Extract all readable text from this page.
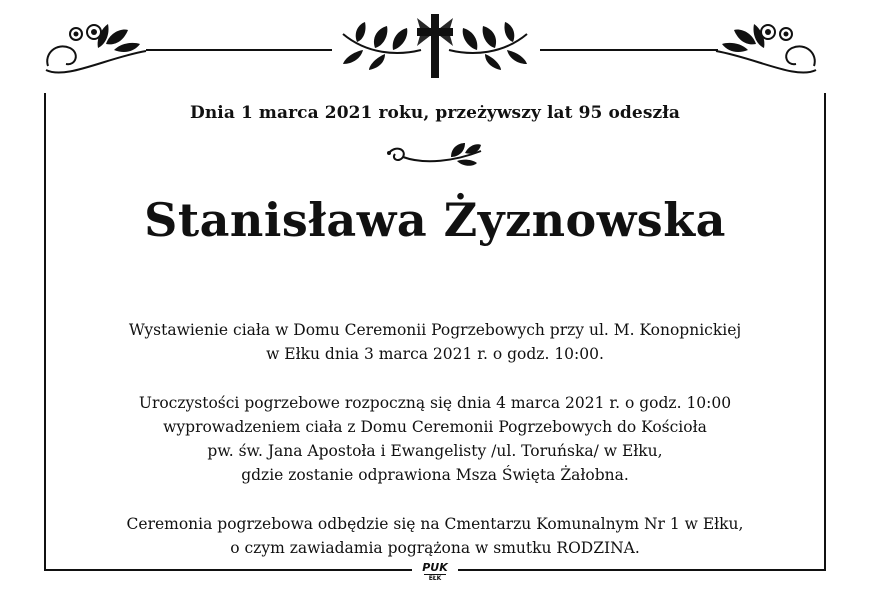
Dnia 1 marca 2021 roku, przeżywszy lat 95 odeszła
Stanisława Żyznowska
Wystawienie ciała w Domu Ceremonii Pogrzebowych przy ul. M. Konopnickiej
w Ełku dnia 3 marca 2021 r. o godz. 10:00.
Uroczystości pogrzebowe rozpoczną się dnia 4 marca 2021 r. o godz. 10:00
wyprowadzeniem ciała z Domu Ceremonii Pogrzebowych do Kościoła
pw. św. Jana Apostoła i Ewangelisty /ul. Toruńska/ w Ełku,
gdzie zostanie odprawiona Msza Święta Żałobna.
Ceremonia pogrzebowa odbędzie się na Cmentarzu Komunalnym Nr 1 w Ełku,
o czym zawiadamia pogrążona w smutku RODZINA.
PUK
EŁK
